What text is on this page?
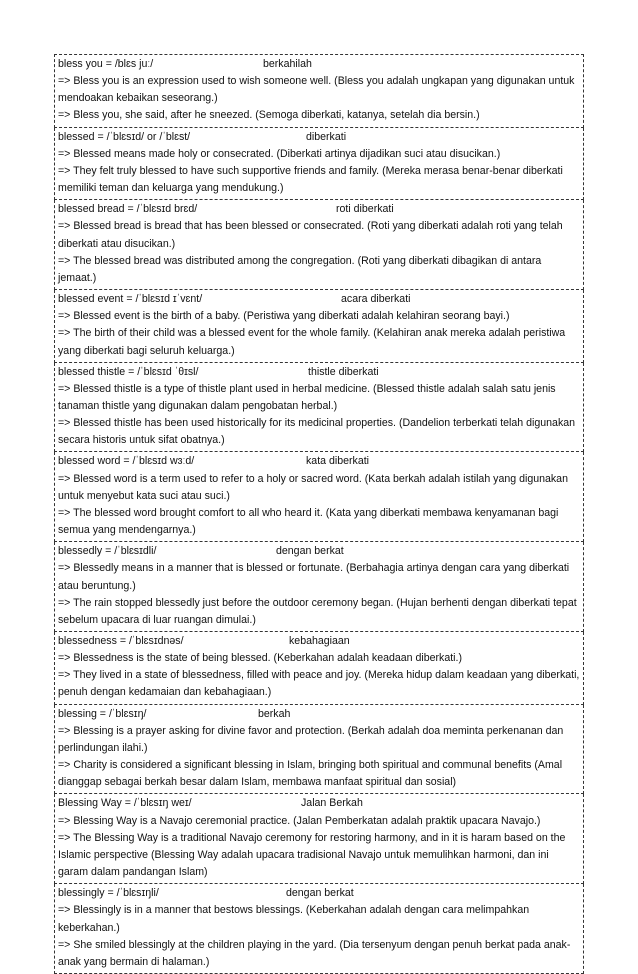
bless you = /blɛs juː/	berkahilah
=> Bless you is an expression used to wish someone well. (Bless you adalah ungkapan yang digunakan untuk mendoakan kebaikan seseorang.)
=> Bless you, she said, after he sneezed. (Semoga diberkati, katanya, setelah dia bersin.)
blessed = /ˈblɛsɪd/ or /ˈblɛst/	diberkati
=> Blessed means made holy or consecrated. (Diberkati artinya dijadikan suci atau disucikan.)
=> They felt truly blessed to have such supportive friends and family. (Mereka merasa benar-benar diberkati memiliki teman dan keluarga yang mendukung.)
blessed bread = /ˈblɛsɪd brɛd/	roti diberkati
=> Blessed bread is bread that has been blessed or consecrated. (Roti yang diberkati adalah roti yang telah diberkati atau disucikan.)
=> The blessed bread was distributed among the congregation. (Roti yang diberkati dibagikan di antara jemaat.)
blessed event = /ˈblɛsɪd ɪˈvɛnt/	acara diberkati
=> Blessed event is the birth of a baby. (Peristiwa yang diberkati adalah kelahiran seorang bayi.)
=> The birth of their child was a blessed event for the whole family. (Kelahiran anak mereka adalah peristiwa yang diberkati bagi seluruh keluarga.)
blessed thistle = /ˈblɛsɪd ˈθɪsl/	thistle diberkati
=> Blessed thistle is a type of thistle plant used in herbal medicine. (Blessed thistle adalah salah satu jenis tanaman thistle yang digunakan dalam pengobatan herbal.)
=> Blessed thistle has been used historically for its medicinal properties. (Dandelion terberkati telah digunakan secara historis untuk sifat obatnya.)
blessed word = /ˈblɛsɪd wɜːd/	kata diberkati
=> Blessed word is a term used to refer to a holy or sacred word. (Kata berkah adalah istilah yang digunakan untuk menyebut kata suci atau suci.)
=> The blessed word brought comfort to all who heard it. (Kata yang diberkati membawa kenyamanan bagi semua yang mendengarnya.)
blessedly = /ˈblɛsɪdli/	dengan berkat
=> Blessedly means in a manner that is blessed or fortunate. (Berbahagia artinya dengan cara yang diberkati atau beruntung.)
=> The rain stopped blessedly just before the outdoor ceremony began. (Hujan berhenti dengan diberkati tepat sebelum upacara di luar ruangan dimulai.)
blessedness = /ˈblɛsɪdnəs/	kebahagiaan
=> Blessedness is the state of being blessed. (Keberkahan adalah keadaan diberkati.)
=> They lived in a state of blessedness, filled with peace and joy. (Mereka hidup dalam keadaan yang diberkati, penuh dengan kedamaian dan kebahagiaan.)
blessing = /ˈblɛsɪŋ/	berkah
=> Blessing is a prayer asking for divine favor and protection. (Berkah adalah doa meminta perkenanan dan perlindungan ilahi.)
=> Charity is considered a significant blessing in Islam, bringing both spiritual and communal benefits (Amal dianggap sebagai berkah besar dalam Islam, membawa manfaat spiritual dan sosial)
Blessing Way = /ˈblɛsɪŋ weɪ/	Jalan Berkah
=> Blessing Way is a Navajo ceremonial practice. (Jalan Pemberkatan adalah praktik upacara Navajo.)
=> The Blessing Way is a traditional Navajo ceremony for restoring harmony, and in it is haram based on the Islamic perspective (Blessing Way adalah upacara tradisional Navajo untuk memulihkan harmoni, dan ini garam dalam pandangan Islam)
blessingly = /ˈblɛsɪŋli/	dengan berkat
=> Blessingly is in a manner that bestows blessings. (Keberkahan adalah dengan cara melimpahkan keberkahan.)
=> She smiled blessingly at the children playing in the yard. (Dia tersenyum dengan penuh berkat pada anak-anak yang bermain di halaman.)
